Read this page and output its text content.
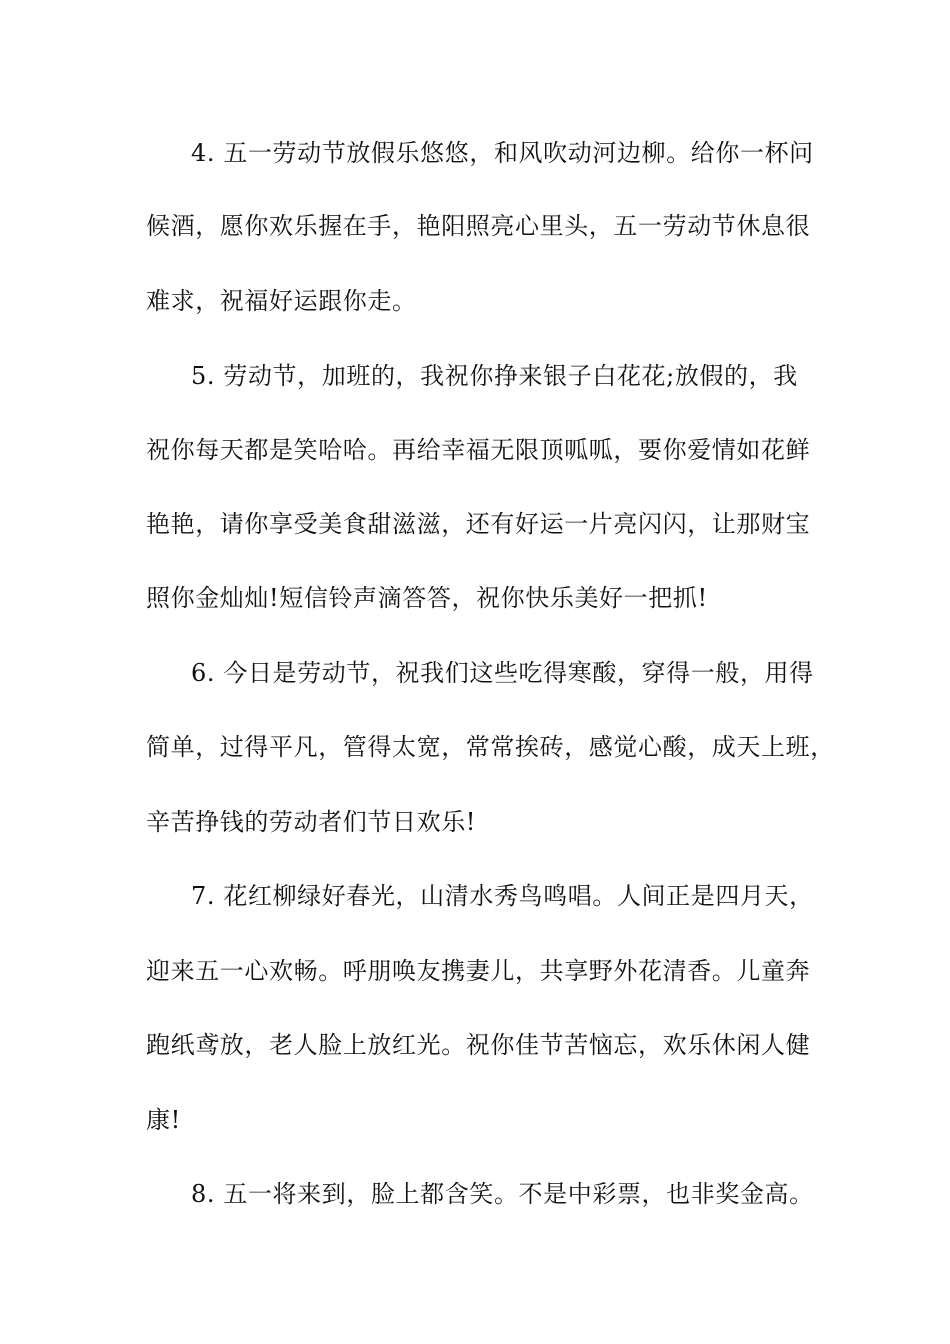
4. 五一劳动节放假乐悠悠，和风吹动河边柳。给你一杯问
候酒，愿你欢乐握在手，艳阳照亮心里头，五一劳动节休息很
难求，祝福好运跟你走。
5. 劳动节，加班的，我祝你挣来银子白花花;放假的，我
祝你每天都是笑哈哈。再给幸福无限顶呱呱，要你爱情如花鲜
艳艳，请你享受美食甜滋滋，还有好运一片亮闪闪，让那财宝
照你金灿灿!短信铃声滴答答，祝你快乐美好一把抓!
6. 今日是劳动节，祝我们这些吃得寒酸，穿得一般，用得
简单，过得平凡，管得太宽，常常挨砖，感觉心酸，成天上班，
辛苦挣钱的劳动者们节日欢乐!
7. 花红柳绿好春光，山清水秀鸟鸣唱。人间正是四月天，
迎来五一心欢畅。呼朋唤友携妻儿，共享野外花清香。儿童奔
跑纸鸢放，老人脸上放红光。祝你佳节苦恼忘，欢乐休闲人健
康!
8. 五一将来到，脸上都含笑。不是中彩票，也非奖金高。
